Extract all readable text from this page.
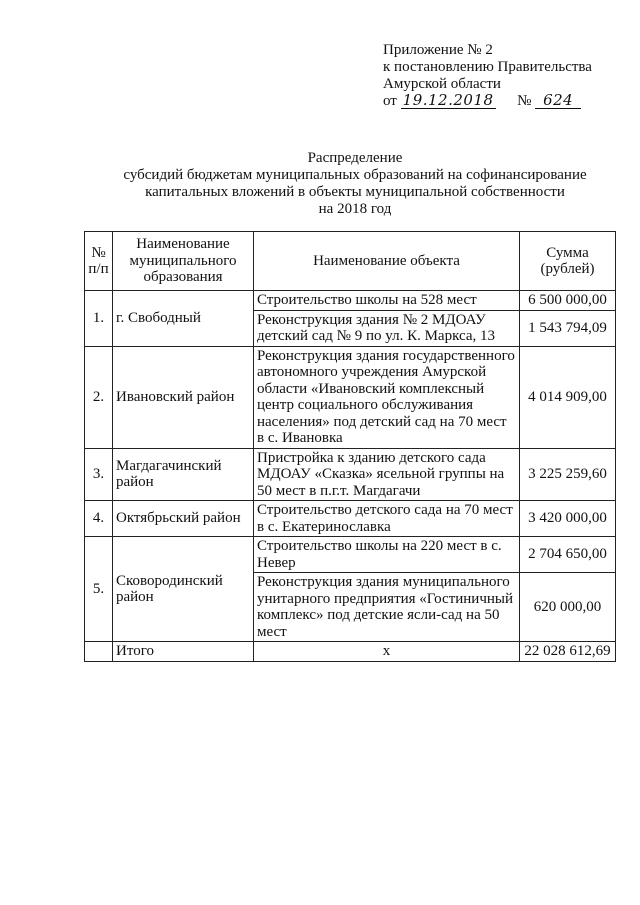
Приложение № 2
к постановлению Правительства
Амурской области
от 19.12.2018 № 624
Распределение
субсидий бюджетам муниципальных образований на софинансирование
капитальных вложений в объекты муниципальной собственности
на 2018 год
№ п/п	Наименование муниципального образования	Наименование объекта	Сумма (рублей)
1.	г. Свободный	Строительство школы на 528 мест	6 500 000,00
		Реконструкция здания № 2 МДОАУ детский сад № 9 по ул. К. Маркса, 13	1 543 794,09
2.	Ивановский район	Реконструкция здания государственного автономного учреждения Амурской области «Ивановский комплексный центр социального обслуживания населения» под детский сад на 70 мест в с. Ивановка	4 014 909,00
3.	Магдагачинский район	Пристройка к зданию детского сада МДОАУ «Сказка» ясельной группы на 50 мест в п.г.т. Магдагачи	3 225 259,60
4.	Октябрьский район	Строительство детского сада на 70 мест в с. Екатеринославка	3 420 000,00
5.	Сковородинский район	Строительство школы на 220 мест в с. Невер	2 704 650,00
		Реконструкция здания муниципального унитарного предприятия «Гостиничный комплекс» под детские ясли-сад на 50 мест	620 000,00
	Итого	х	22 028 612,69
